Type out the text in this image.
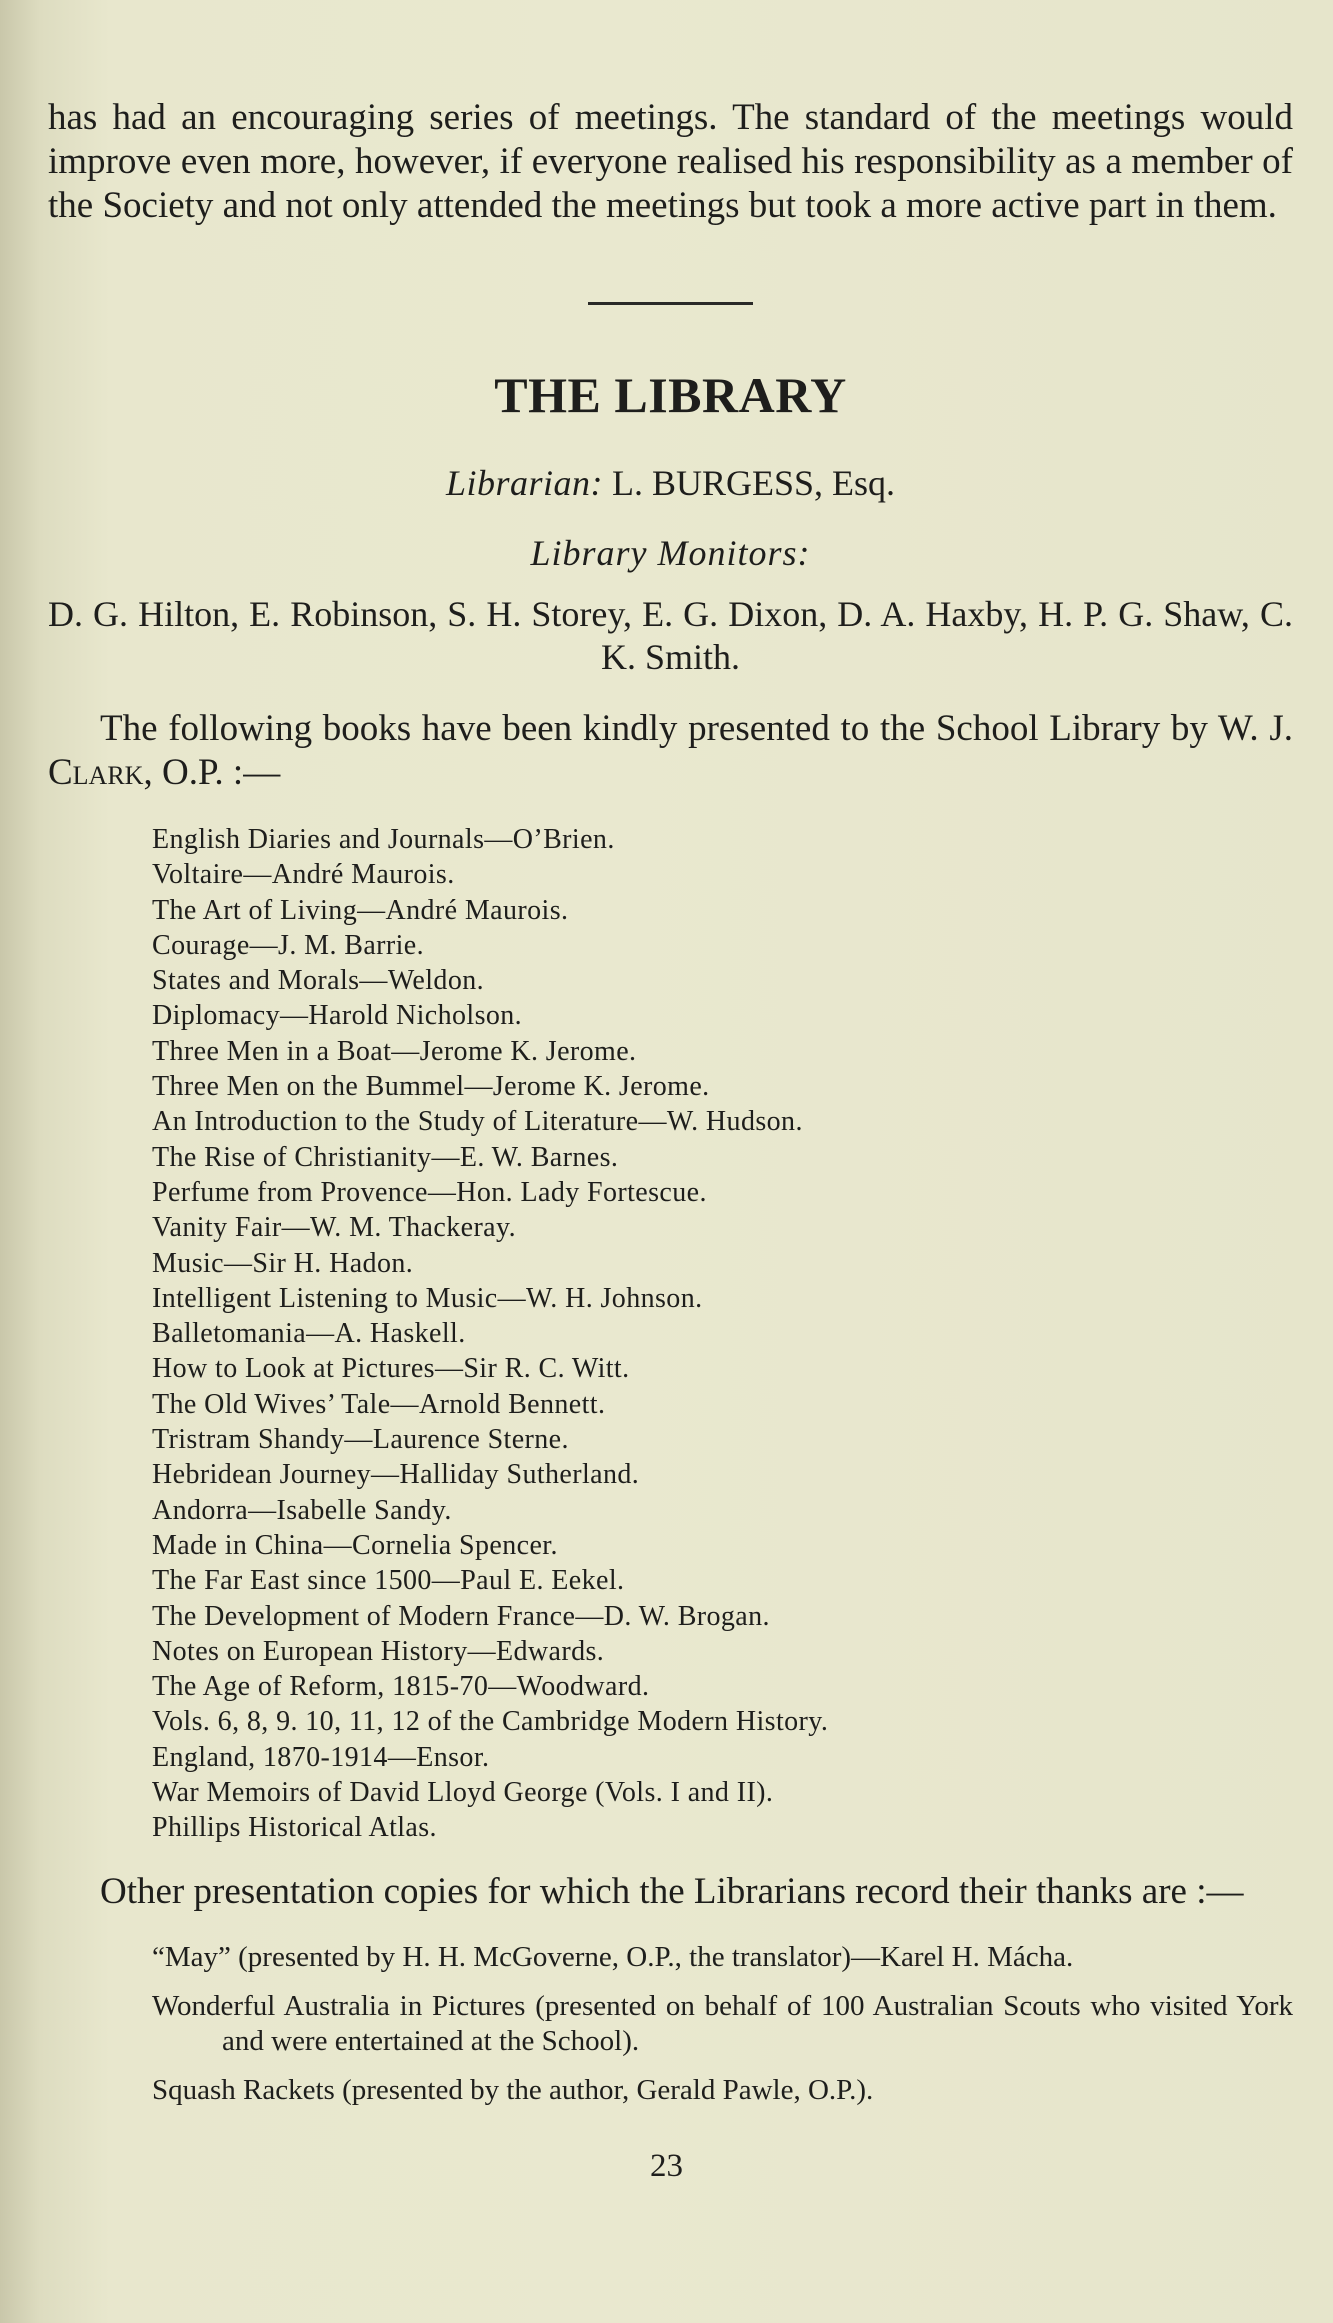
has had an encouraging series of meetings. The standard of the meetings would improve even more, however, if everyone realised his responsibility as a member of the Society and not only attended the meetings but took a more active part in them.

THE LIBRARY

Librarian: L. BURGESS, Esq.

Library Monitors:

D. G. Hilton, E. Robinson, S. H. Storey, E. G. Dixon, D. A. Haxby, H. P. G. Shaw, C. K. Smith.

The following books have been kindly presented to the School Library by W. J. Clark, O.P. :—

English Diaries and Journals—O’Brien.
Voltaire—André Maurois.
The Art of Living—André Maurois.
Courage—J. M. Barrie.
States and Morals—Weldon.
Diplomacy—Harold Nicholson.
Three Men in a Boat—Jerome K. Jerome.
Three Men on the Bummel—Jerome K. Jerome.
An Introduction to the Study of Literature—W. Hudson.
The Rise of Christianity—E. W. Barnes.
Perfume from Provence—Hon. Lady Fortescue.
Vanity Fair—W. M. Thackeray.
Music—Sir H. Hadon.
Intelligent Listening to Music—W. H. Johnson.
Balletomania—A. Haskell.
How to Look at Pictures—Sir R. C. Witt.
The Old Wives’ Tale—Arnold Bennett.
Tristram Shandy—Laurence Sterne.
Hebridean Journey—Halliday Sutherland.
Andorra—Isabelle Sandy.
Made in China—Cornelia Spencer.
The Far East since 1500—Paul E. Eekel.
The Development of Modern France—D. W. Brogan.
Notes on European History—Edwards.
The Age of Reform, 1815-70—Woodward.
Vols. 6, 8, 9. 10, 11, 12 of the Cambridge Modern History.
England, 1870-1914—Ensor.
War Memoirs of David Lloyd George (Vols. I and II).
Phillips Historical Atlas.

Other presentation copies for which the Librarians record their thanks are :—

“May” (presented by H. H. McGoverne, O.P., the translator)—Karel H. Mácha.

Wonderful Australia in Pictures (presented on behalf of 100 Australian Scouts who visited York and were entertained at the School).

Squash Rackets (presented by the author, Gerald Pawle, O.P.).

23
